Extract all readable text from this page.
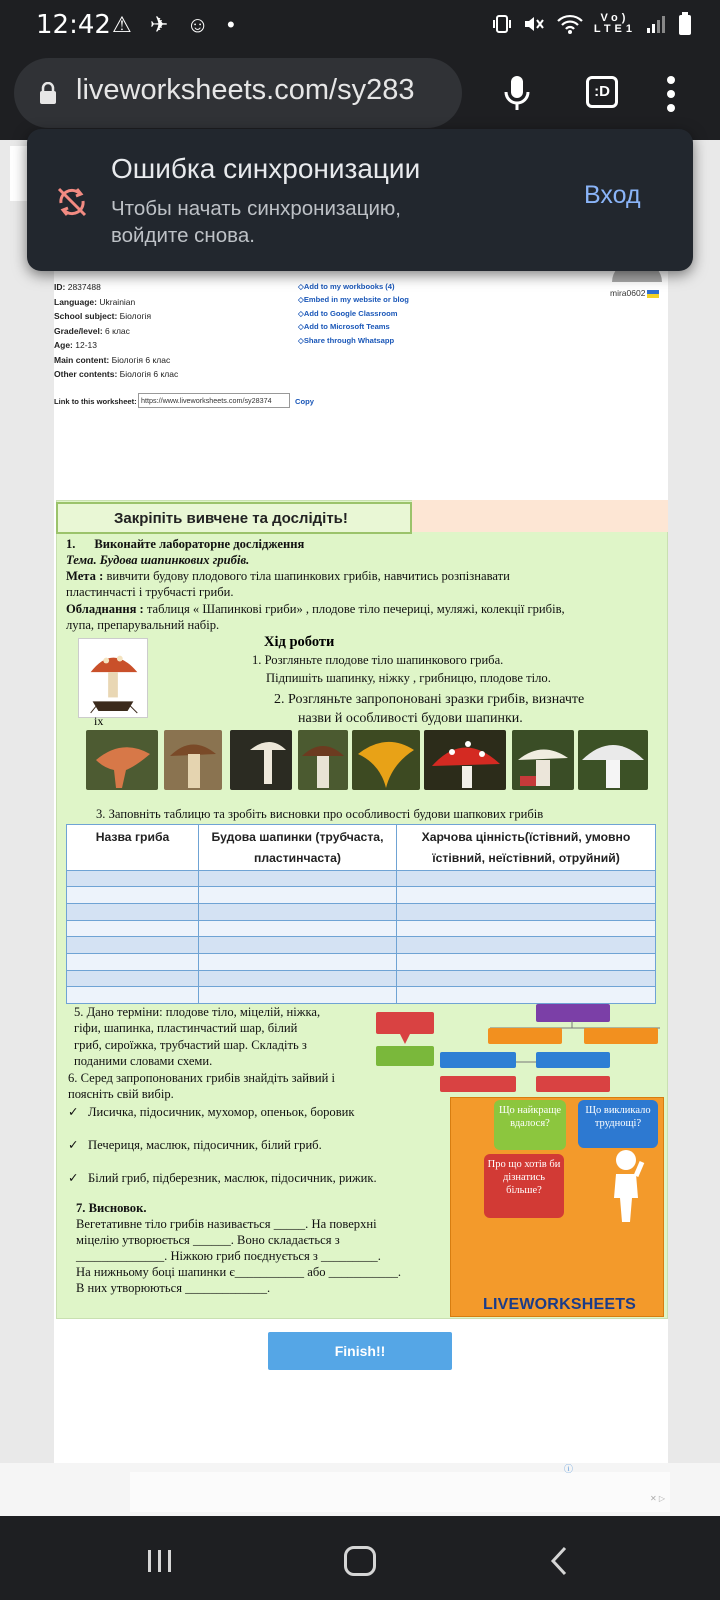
12:42 ⚠ ✈ ☺ •	Vo)
LTE1
liveworksheets.com/sy283	:D
ID: 2837488
Language: Ukrainian
School subject: Біологія
Grade/level: 6 клас
Age: 12-13
Main content: Біологія 6 клас
Other contents: Біологія 6 клас
◇ Add to my workbooks (4)
◇ Embed in my website or blog
◇ Add to Google Classroom
◇ Add to Microsoft Teams
◇ Share through Whatsapp
mira0602
Link to this worksheet: https://www.liveworksheets.com/sy28374	Copy
Закріпіть вивчене та дослідіть!
1. Виконайте лабораторне дослідження
Тема. Будова шапинкових грибів.
Мета : вивчити будову плодового тіла шапинкових грибів, навчитись розпізнавати
пластинчасті і трубчасті гриби.
Обладнання : таблиця « Шапинкові гриби» , плодове тіло печериці, муляжі, колекції грибів,
лупа, препарувальний набір.
Хід роботи
1. Розгляньте плодове тіло шапинкового гриба.
Підпишіть шапинку, ніжку , грибницю, плодове тіло.
2. Розгляньте запропоновані зразки грибів, визначте
назви й особливості будови шапинки.
іх
3. Заповніть таблицю та зробіть висновки про особливості будови шапкових грибів
Назва гриба	Будова шапинки (трубчаста, пластинчаста)	Харчова цінність(їстівний, умовно їстівний, неїстівний, отруйний)

5. Дано терміни: плодове тіло, міцелій, ніжка,
гіфи, шапинка, пластинчастий шар, білий
гриб, сироїжка, трубчастий шар. Складіть з
поданими словами схеми.
6. Серед запропонованих грибів знайдіть зайвий і
поясніть свій вибір.
✓ Лисичка, підосичник, мухомор, опеньок, боровик
✓ Печериця, маслюк, підосичник, білий гриб.
✓ Білий гриб, підберезник, маслюк, підосичник, рижик.
7. Висновок.
Вегетативне тіло грибів називається _____. На поверхні
міцелію утворюється ______. Воно складається з
______________. Ніжкою гриб поєднується з _________.
На нижньому боці шапинки є___________ або ___________.
В них утворюються _____________.
Що найкраще вдалося?
Що викликало труднощі?
Про що хотів би дізнатись більше?
LIVEWORKSHEETS
Finish!!
ⓘ
✕ ▷
Ошибка синхронизации
Чтобы начать синхронизацию, войдите снова.
Вход
